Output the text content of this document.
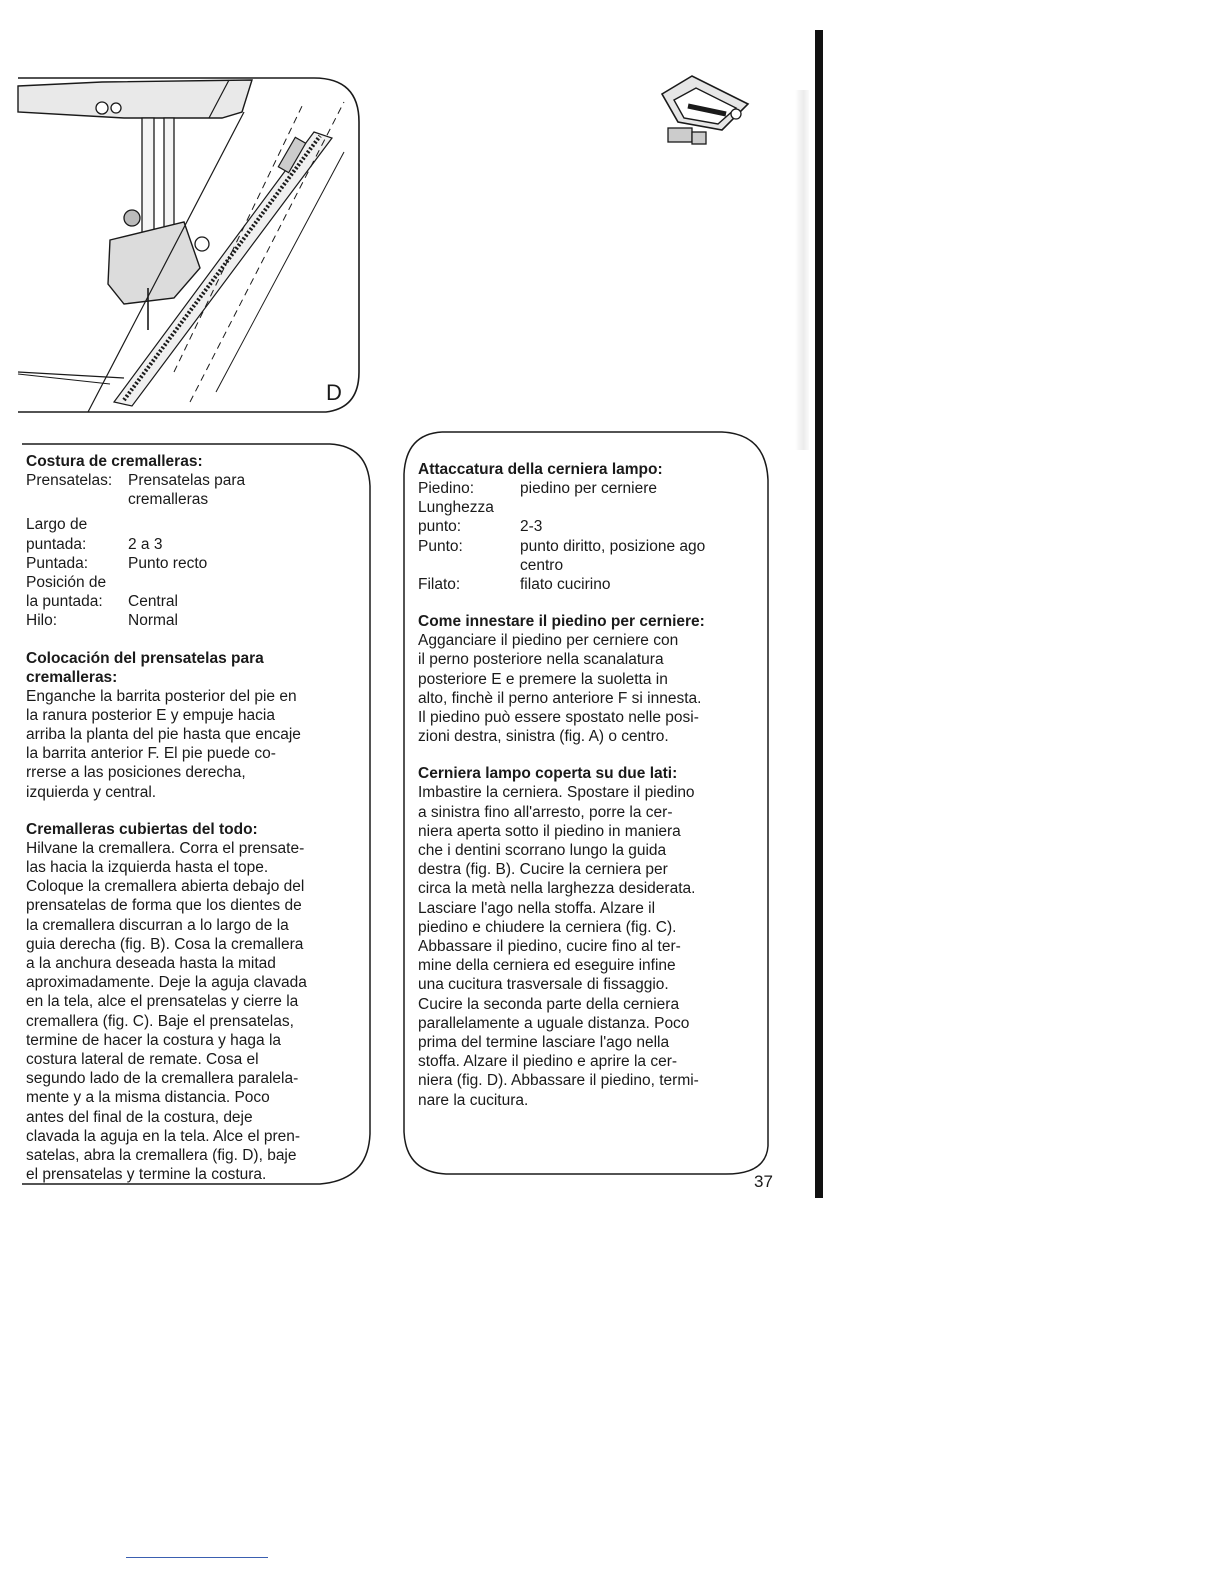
D

Costura de cremalleras:

Prensatelas:	Prensatelas para
cremalleras
Largo de
puntada:	2 a 3
Puntada:	Punto recto
Posición de
la puntada:	Central
Hilo:	Normal

Colocación del prensatelas para

cremalleras:

Enganche la barrita posterior del pie en

la ranura posterior E y empuje hacia

arriba la planta del pie hasta que encaje

la barrita anterior F. El pie puede co-

rrerse a las posiciones derecha,

izquierda y central.

Cremalleras cubiertas del todo:

Hilvane la cremallera. Corra el prensate-

las hacia la izquierda hasta el tope.

Coloque la cremallera abierta debajo del

prensatelas de forma que los dientes de

la cremallera discurran a lo largo de la

guia derecha (fig. B). Cosa la cremallera

a la anchura deseada hasta la mitad

aproximadamente. Deje la aguja clavada

en la tela, alce el prensatelas y cierre la

cremallera (fig. C). Baje el prensatelas,

termine de hacer la costura y haga la

costura lateral de remate. Cosa el

segundo lado de la cremallera paralela-

mente y a la misma distancia. Poco

antes del final de la costura, deje

clavada la aguja en la tela. Alce el pren-

satelas, abra la cremallera (fig. D), baje

el prensatelas y termine la costura.

Attaccatura della cerniera lampo:

Piedino:	piedino per cerniere
Lunghezza
punto:	2-3
Punto:	punto diritto, posizione ago
centro
Filato:	filato cucirino

Come innestare il piedino per cerniere:

Agganciare il piedino per cerniere con

il perno posteriore nella scanalatura

posteriore E e premere la suoletta in

alto, finchè il perno anteriore F si innesta.

Il piedino può essere spostato nelle posi-

zioni destra, sinistra (fig. A) o centro.

Cerniera lampo coperta su due lati:

Imbastire la cerniera. Spostare il piedino

a sinistra fino all'arresto, porre la cer-

niera aperta sotto il piedino in maniera

che i dentini scorrano lungo la guida

destra (fig. B). Cucire la cerniera per

circa la metà nella larghezza desiderata.

Lasciare l'ago nella stoffa. Alzare il

piedino e chiudere la cerniera (fig. C).

Abbassare il piedino, cucire fino al ter-

mine della cerniera ed eseguire infine

una cucitura trasversale di fissaggio.

Cucire la seconda parte della cerniera

parallelamente a uguale distanza. Poco

prima del termine lasciare l'ago nella

stoffa. Alzare il piedino e aprire la cer-

niera (fig. D). Abbassare il piedino, termi-

nare la cucitura.

37
